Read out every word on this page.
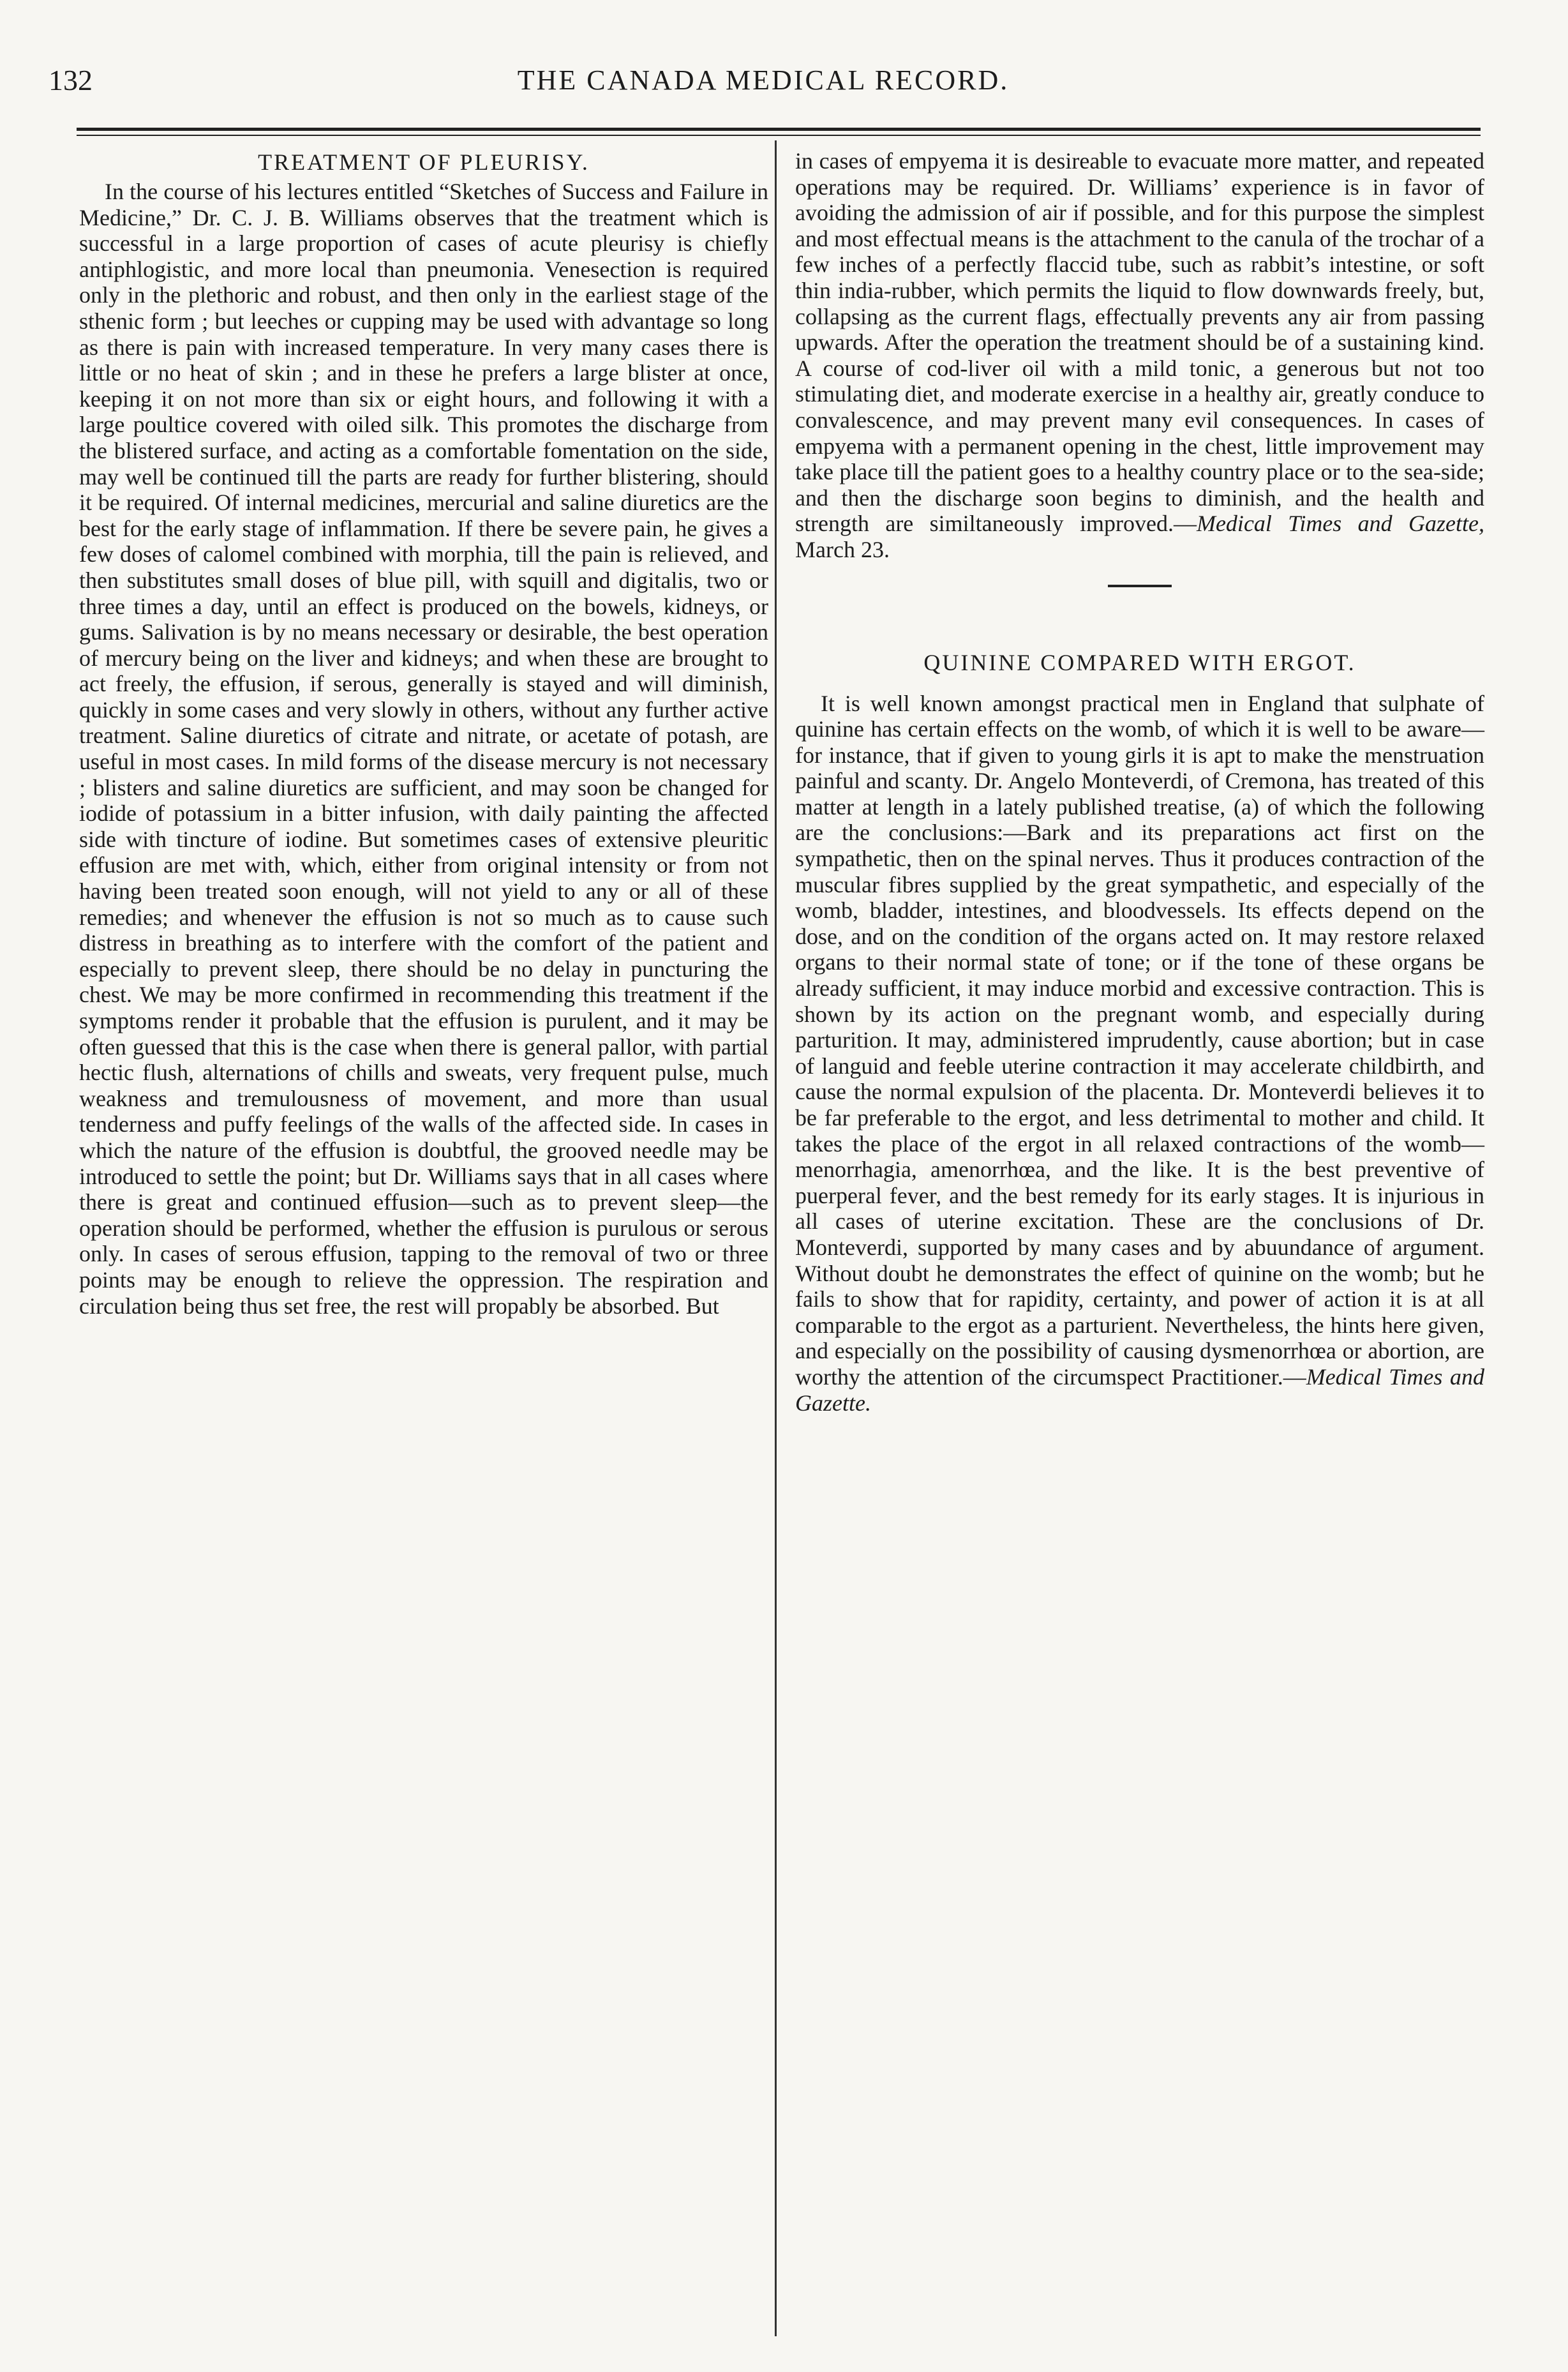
132	THE CANADA MEDICAL RECORD.
TREATMENT OF PLEURISY.

In the course of his lectures entitled “Sketches of Success and Failure in Medicine,” Dr. C. J. B. Williams observes that the treatment which is successful in a large proportion of cases of acute pleurisy is chiefly antiphlogistic, and more local than pneumonia. Venesection is required only in the plethoric and robust, and then only in the earliest stage of the sthenic form ; but leeches or cupping may be used with advantage so long as there is pain with increased temperature. In very many cases there is little or no heat of skin ; and in these he prefers a large blister at once, keeping it on not more than six or eight hours, and following it with a large poultice covered with oiled silk. This promotes the discharge from the blistered surface, and acting as a comfortable fomentation on the side, may well be continued till the parts are ready for further blistering, should it be required. Of internal medicines, mercurial and saline diuretics are the best for the early stage of inflammation. If there be severe pain, he gives a few doses of calomel combined with morphia, till the pain is relieved, and then substitutes small doses of blue pill, with squill and digitalis, two or three times a day, until an effect is produced on the bowels, kidneys, or gums. Salivation is by no means necessary or desirable, the best operation of mercury being on the liver and kidneys; and when these are brought to act freely, the effusion, if serous, generally is stayed and will diminish, quickly in some cases and very slowly in others, without any further active treatment. Saline diuretics of citrate and nitrate, or acetate of potash, are useful in most cases. In mild forms of the disease mercury is not necessary ; blisters and saline diuretics are sufficient, and may soon be changed for iodide of potassium in a bitter infusion, with daily painting the affected side with tincture of iodine. But sometimes cases of extensive pleuritic effusion are met with, which, either from original intensity or from not having been treated soon enough, will not yield to any or all of these remedies; and whenever the effusion is not so much as to cause such distress in breathing as to interfere with the comfort of the patient and especially to prevent sleep, there should be no delay in puncturing the chest. We may be more confirmed in recommending this treatment if the symptoms render it probable that the effusion is purulent, and it may be often guessed that this is the case when there is general pallor, with partial hectic flush, alternations of chills and sweats, very frequent pulse, much weakness and tremulousness of movement, and more than usual tenderness and puffy feelings of the walls of the affected side. In cases in which the nature of the effusion is doubtful, the grooved needle may be introduced to settle the point; but Dr. Williams says that in all cases where there is great and continued effusion—such as to prevent sleep—the operation should be performed, whether the effusion is purulous or serous only. In cases of serous effusion, tapping to the removal of two or three points may be enough to relieve the oppression. The respiration and circulation being thus set free, the rest will propably be absorbed. But

in cases of empyema it is desireable to evacuate more matter, and repeated operations may be required. Dr. Williams’ experience is in favor of avoiding the admission of air if possible, and for this purpose the simplest and most effectual means is the attachment to the canula of the trochar of a few inches of a perfectly flaccid tube, such as rabbit’s intestine, or soft thin india-rubber, which permits the liquid to flow downwards freely, but, collapsing as the current flags, effectually prevents any air from passing upwards. After the operation the treatment should be of a sustaining kind. A course of cod-liver oil with a mild tonic, a generous but not too stimulating diet, and moderate exercise in a healthy air, greatly conduce to convalescence, and may prevent many evil consequences. In cases of empyema with a permanent opening in the chest, little improvement may take place till the patient goes to a healthy country place or to the sea-side; and then the discharge soon begins to diminish, and the health and strength are similtaneously improved.—Medical Times and Gazette, March 23.

QUININE COMPARED WITH ERGOT.

It is well known amongst practical men in England that sulphate of quinine has certain effects on the womb, of which it is well to be aware—for instance, that if given to young girls it is apt to make the menstruation painful and scanty. Dr. Angelo Monteverdi, of Cremona, has treated of this matter at length in a lately published treatise, (a) of which the following are the conclusions:—Bark and its preparations act first on the sympathetic, then on the spinal nerves. Thus it produces contraction of the muscular fibres supplied by the great sympathetic, and especially of the womb, bladder, intestines, and bloodvessels. Its effects depend on the dose, and on the condition of the organs acted on. It may restore relaxed organs to their normal state of tone; or if the tone of these organs be already sufficient, it may induce morbid and excessive contraction. This is shown by its action on the pregnant womb, and especially during parturition. It may, administered imprudently, cause abortion; but in case of languid and feeble uterine contraction it may accelerate childbirth, and cause the normal expulsion of the placenta. Dr. Monteverdi believes it to be far preferable to the ergot, and less detrimental to mother and child. It takes the place of the ergot in all relaxed contractions of the womb—menorrhagia, amenorrhœa, and the like. It is the best preventive of puerperal fever, and the best remedy for its early stages. It is injurious in all cases of uterine excitation. These are the conclusions of Dr. Monteverdi, supported by many cases and by abuundance of argument. Without doubt he demonstrates the effect of quinine on the womb; but he fails to show that for rapidity, certainty, and power of action it is at all comparable to the ergot as a parturient. Nevertheless, the hints here given, and especially on the possibility of causing dysmenorrhœa or abortion, are worthy the attention of the circumspect Practitioner.—Medical Times and Gazette.
